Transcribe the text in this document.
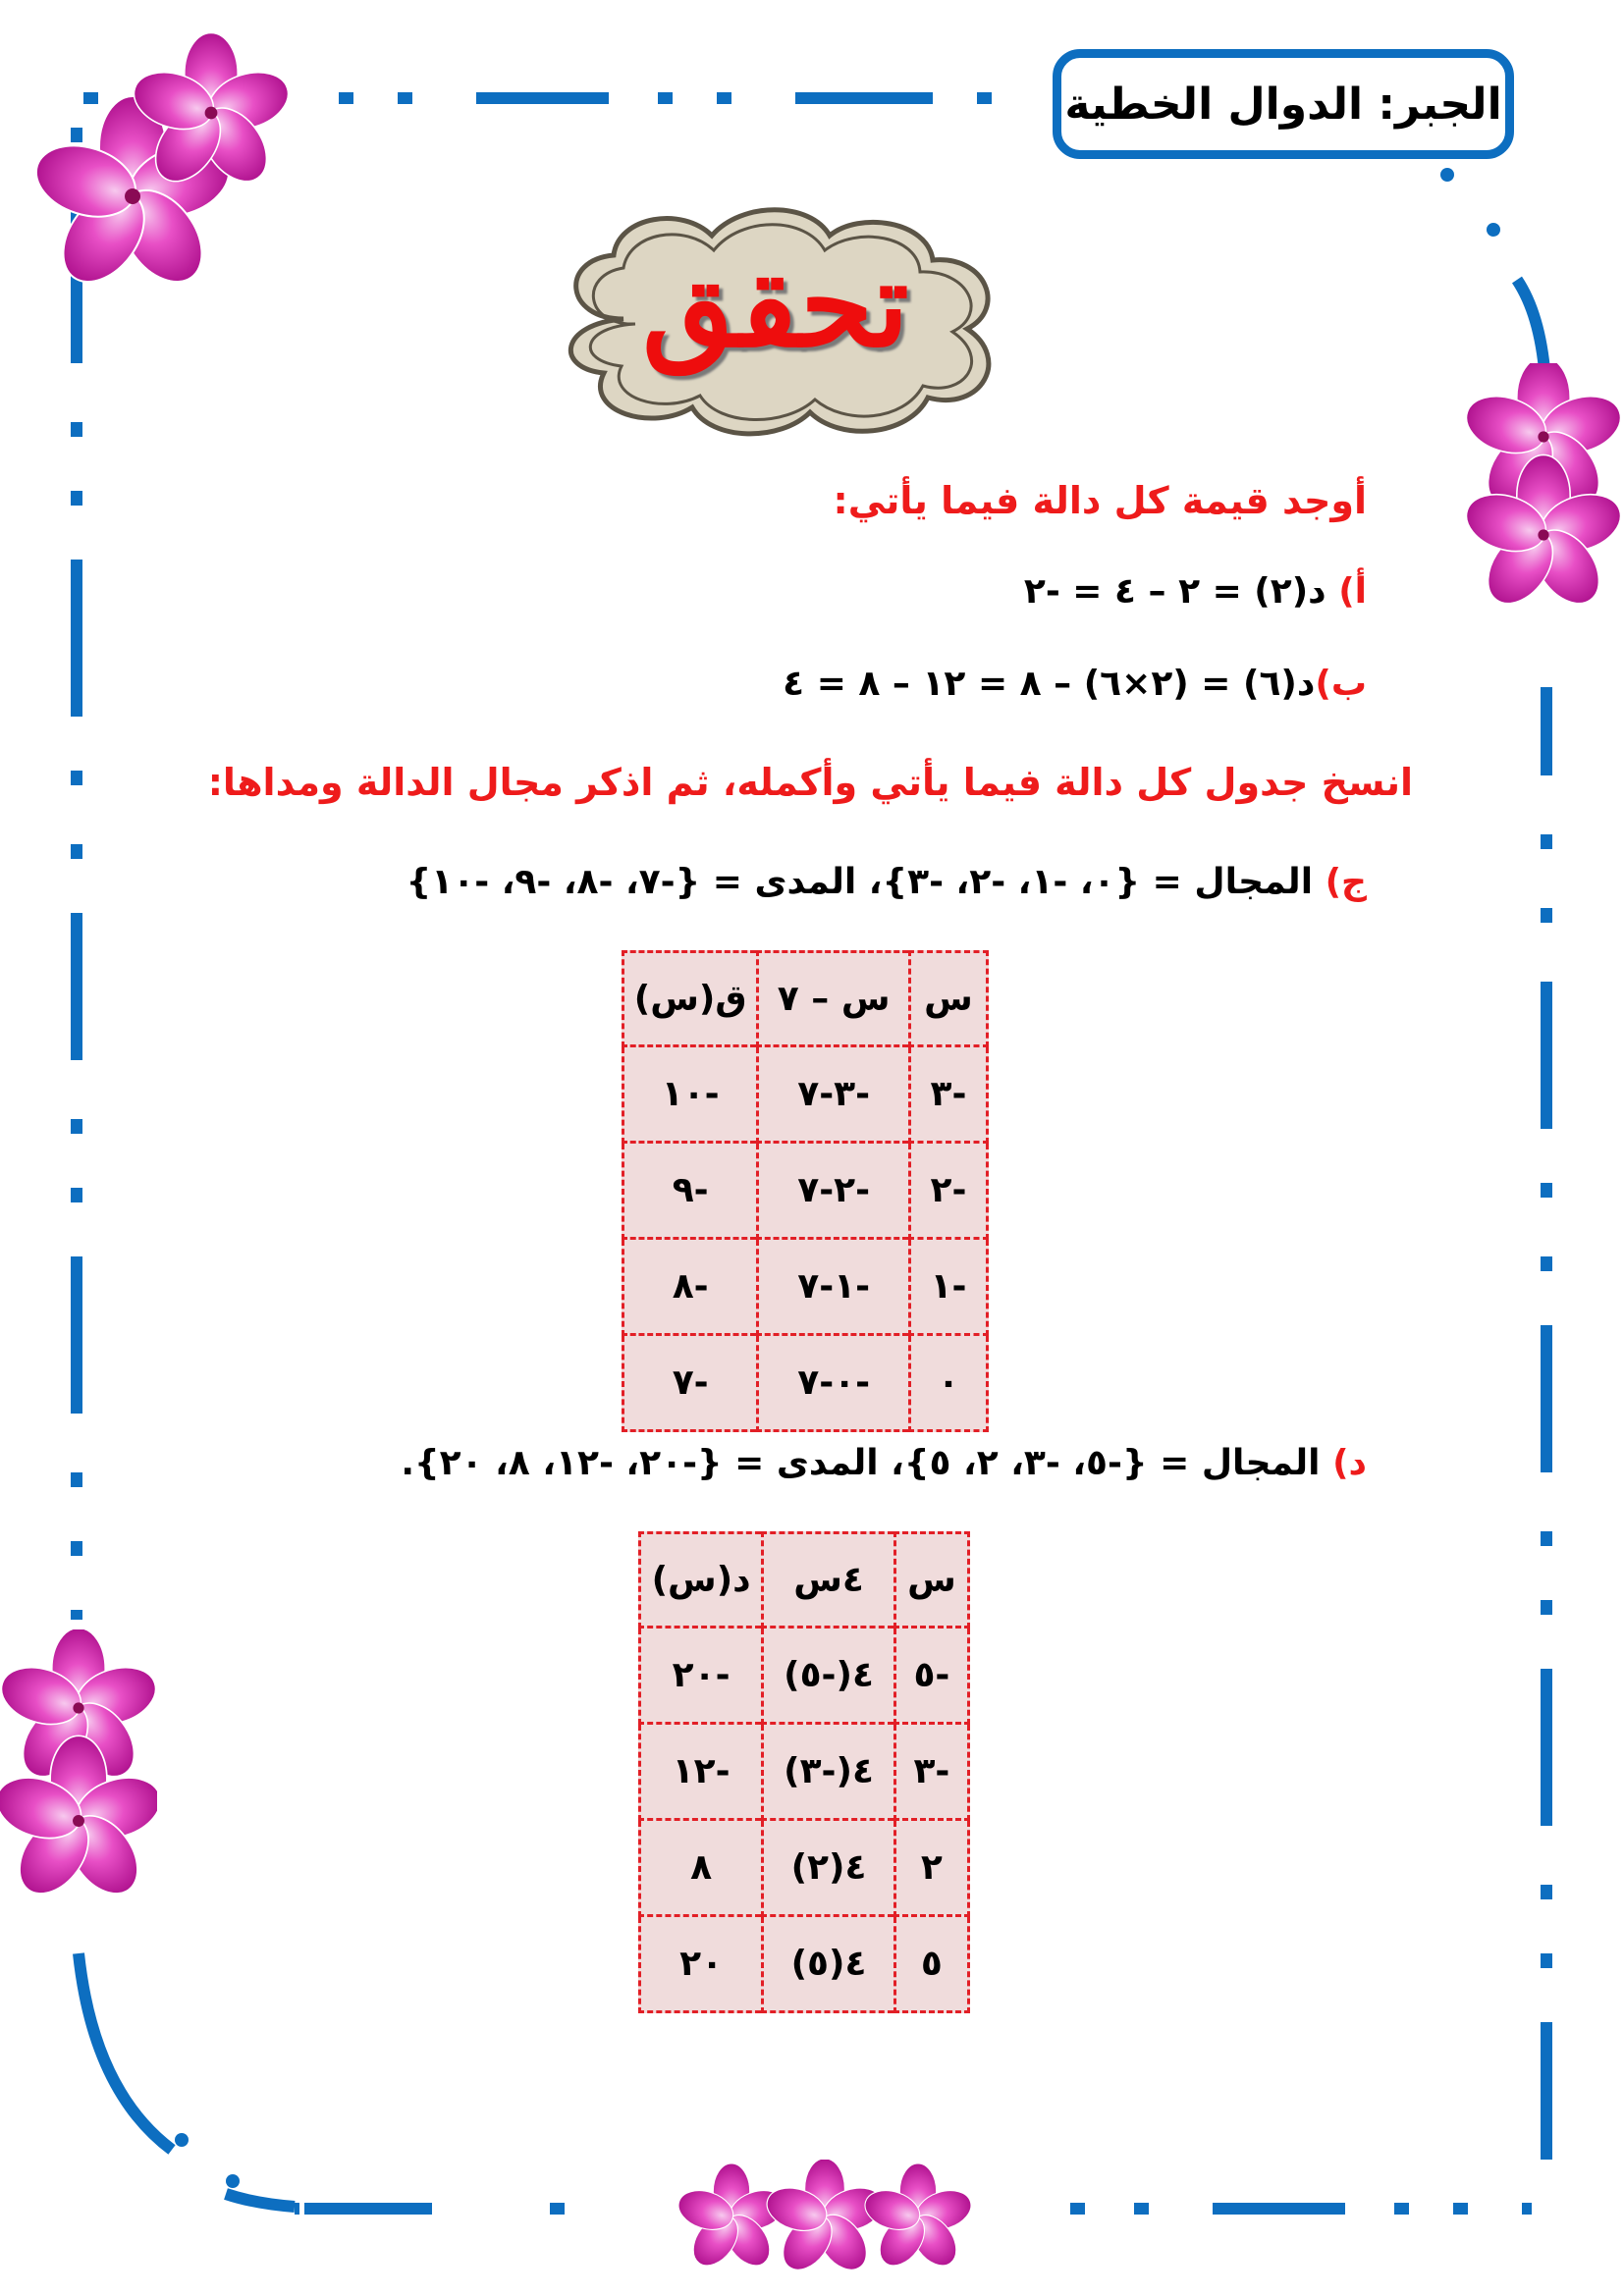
الجبر: الدوال الخطية
تحقق
أوجد قيمة كل دالة فيما يأتي:
أ) د(٢) = ٢ – ٤ = -٢
ب)د(٦) = (٢×٦) – ٨ = ١٢ – ٨ = ٤
انسخ جدول كل دالة فيما يأتي وأكمله، ثم اذكر مجال الدالة ومداها:
ج) المجال = {٠، -١، -٢، -٣}، المدى = {-٧، -٨، -٩، -١٠}
س	س – ٧	ق(س)
-٣	-٣-٧	-١٠
-٢	-٢-٧	-٩
-١	-١-٧	-٨
٠	-٠-٧	-٧
د) المجال = {-٥، -٣، ٢، ٥}، المدى = {-٢٠، -١٢، ٨، ٢٠}.
س	٤س	د(س)
-٥	٤(-٥)	-٢٠
-٣	٤(-٣)	-١٢
٢	٤(٢)	٨
٥	٤(٥)	٢٠
